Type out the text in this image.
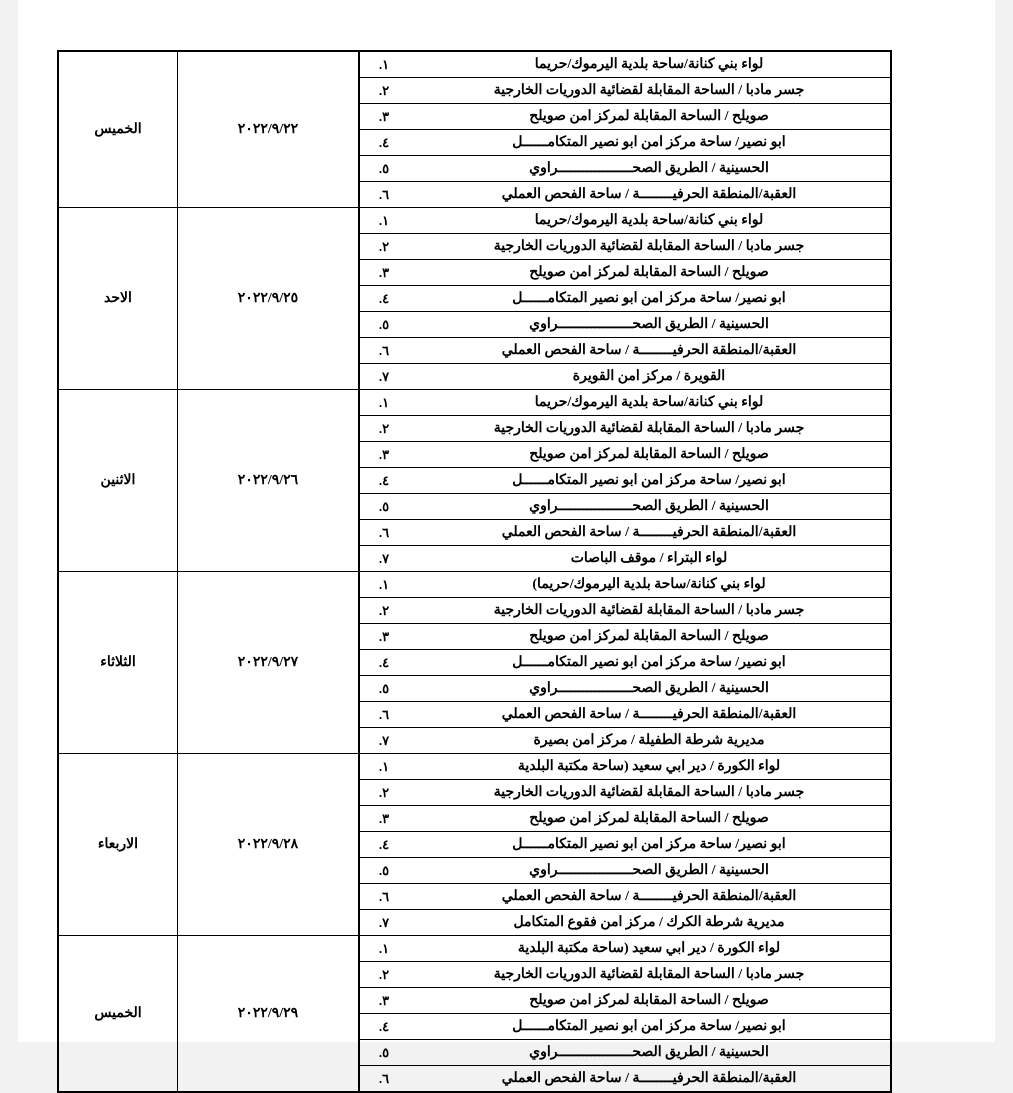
لواء بني كنانة/ساحة بلدية اليرموك/حريما	١.
جسر مادبا / الساحة المقابلة لقضائية الدوريات الخارجية	٢.
صويلح / الساحة المقابلة لمركز امن صويلح	٣.
ابو نصير/ ساحة مركز امن ابو نصير المتكامــــــل	٤.
الحسينية / الطريق الصحــــــــــــــــــراوي	٥.
العقبة/المنطقة الحرفيــــــــة / ساحة الفحص العملي	٦.
	٢٠٢٢/٩/٢٢	الخميس

لواء بني كنانة/ساحة بلدية اليرموك/حريما	١.
جسر مادبا / الساحة المقابلة لقضائية الدوريات الخارجية	٢.
صويلح / الساحة المقابلة لمركز امن صويلح	٣.
ابو نصير/ ساحة مركز امن ابو نصير المتكامــــــل	٤.
الحسينية / الطريق الصحــــــــــــــــــراوي	٥.
العقبة/المنطقة الحرفيــــــــة / ساحة الفحص العملي	٦.
القويرة / مركز امن القويرة	٧.
	٢٠٢٢/٩/٢٥	الاحد

لواء بني كنانة/ساحة بلدية اليرموك/حريما	١.
جسر مادبا / الساحة المقابلة لقضائية الدوريات الخارجية	٢.
صويلح / الساحة المقابلة لمركز امن صويلح	٣.
ابو نصير/ ساحة مركز امن ابو نصير المتكامــــــل	٤.
الحسينية / الطريق الصحــــــــــــــــــراوي	٥.
العقبة/المنطقة الحرفيــــــــة / ساحة الفحص العملي	٦.
لواء البتراء / موقف الباصات	٧.
	٢٠٢٢/٩/٢٦	الاثنين

لواء بني كنانة/ساحة بلدية اليرموك/حريما)	١.
جسر مادبا / الساحة المقابلة لقضائية الدوريات الخارجية	٢.
صويلح / الساحة المقابلة لمركز امن صويلح	٣.
ابو نصير/ ساحة مركز امن ابو نصير المتكامــــــل	٤.
الحسينية / الطريق الصحــــــــــــــــــراوي	٥.
العقبة/المنطقة الحرفيــــــــة / ساحة الفحص العملي	٦.
مديرية شرطة الطفيلة / مركز امن بصيرة	٧.
	٢٠٢٢/٩/٢٧	الثلاثاء

لواء الكورة / دير ابي سعيد (ساحة مكتبة البلدية	١.
جسر مادبا / الساحة المقابلة لقضائية الدوريات الخارجية	٢.
صويلح / الساحة المقابلة لمركز امن صويلح	٣.
ابو نصير/ ساحة مركز امن ابو نصير المتكامــــــل	٤.
الحسينية / الطريق الصحــــــــــــــــــراوي	٥.
العقبة/المنطقة الحرفيــــــــة / ساحة الفحص العملي	٦.
مديرية شرطة الكرك / مركز امن فقوع المتكامل	٧.
	٢٠٢٢/٩/٢٨	الاربعاء

لواء الكورة / دير ابي سعيد (ساحة مكتبة البلدية	١.
جسر مادبا / الساحة المقابلة لقضائية الدوريات الخارجية	٢.
صويلح / الساحة المقابلة لمركز امن صويلح	٣.
ابو نصير/ ساحة مركز امن ابو نصير المتكامــــــل	٤.
الحسينية / الطريق الصحــــــــــــــــــراوي	٥.
العقبة/المنطقة الحرفيــــــــة / ساحة الفحص العملي	٦.
	٢٠٢٢/٩/٢٩	الخميس
